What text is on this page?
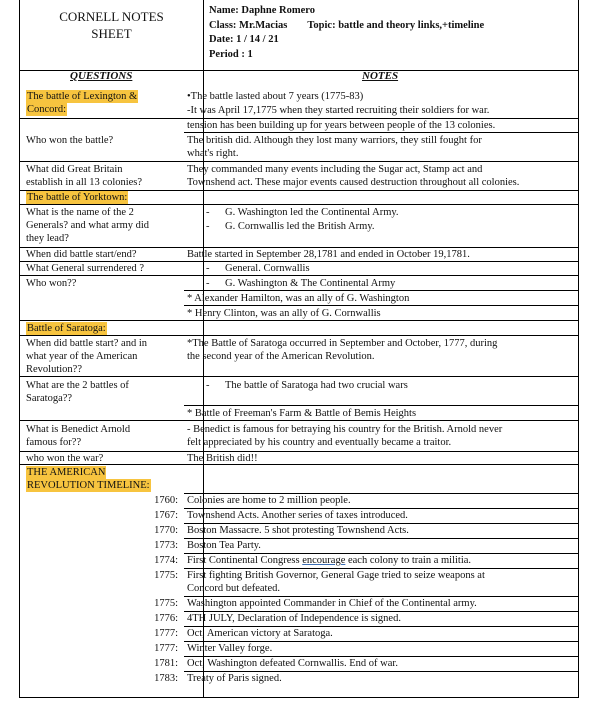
CORNELL NOTES
SHEET
Name: Daphne Romero
Class: Mr.Macias Topic: battle and theory links,+timeline
Date: 1 / 14 / 21
Period : 1
QUESTIONS	NOTES
The battle of Lexington &
Concord:
Who won the battle?
What did Great Britain
establish in all 13 colonies?
The battle of Yorktown:
What is the name of the 2
Generals? and what army did
they lead?
When did battle start/end?
What General surrendered ?
Who won??
Battle of Saratoga:
When did battle start? and in
what year of the American
Revolution??
What are the 2 battles of
Saratoga??
What is Benedict Arnold
famous for??
who won the war?
THE AMERICAN
REVOLUTION TIMELINE:
1760:
1767:
1770:
1773:
1774:
1775:
1775:
1776:
1777:
1777:
1781:
1783:
•The battle lasted about 7 years (1775-83)
-It was April 17,1775 when they started recruiting their soldiers for war.
tension has been building up for years between people of the 13 colonies.
The british did. Although they lost many warriors, they still fought for
what's right.
They commanded many events including the Sugar act, Stamp act and
Townshend act. These major events caused destruction throughout all colonies.
- G. Washington led the Continental Army.
- G. Cornwallis led the British Army.
Battle started in September 28,1781 and ended in October 19,1781.
- General. Cornwallis
- G. Washington & The Continental Army
* Alexander Hamilton, was an ally of G. Washington
* Henry Clinton, was an ally of G. Cornwallis
*The Battle of Saratoga occurred in September and October, 1777, during
the second year of the American Revolution.
- The battle of Saratoga had two crucial wars
* Battle of Freeman's Farm & Battle of Bemis Heights
- Benedict is famous for betraying his country for the British. Arnold never
felt appreciated by his country and eventually became a traitor.
The British did!!
Colonies are home to 2 million people.
Townshend Acts. Another series of taxes introduced.
Boston Massacre. 5 shot protesting Townshend Acts.
Boston Tea Party.
First Continental Congress encourage each colony to train a militia.
First fighting British Governor, General Gage tried to seize weapons at
Concord but defeated.
Washington appointed Commander in Chief of the Continental army.
4TH JULY, Declaration of Independence is signed.
Oct, American victory at Saratoga.
Winter Valley forge.
Oct, Washington defeated Cornwallis. End of war.
Treaty of Paris signed.
